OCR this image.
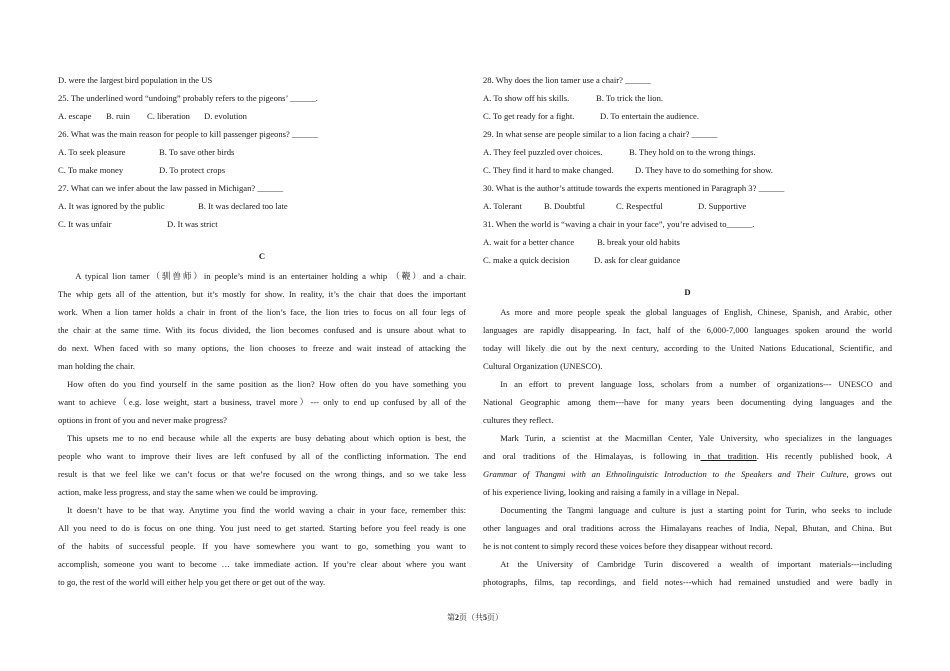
D. were the largest bird population in the US
25. The underlined word “undoing” probably refers to the pigeons’ ______.
A. escape B. ruin C. liberation D. evolution
26. What was the main reason for people to kill passenger pigeons? ______
A. To seek pleasure	B. To save other birds
C. To make money	D. To protect crops
27. What can we infer about the law passed in Michigan? ______
A. It was ignored by the public	B. It was declared too late
C. It was unfair	D. It was strict
C
A typical lion tamer（驯兽师）in people’s mind is an entertainer holding a whip （鞭）and a chair.
The whip gets all of the attention, but it’s mostly for show. In reality, it’s the chair that does the important
work. When a lion tamer holds a chair in front of the lion’s face, the lion tries to focus on all four legs of
the chair at the same time. With its focus divided, the lion becomes confused and is unsure about what to
do next. When faced with so many options, the lion chooses to freeze and wait instead of attacking the
man holding the chair.
How often do you find yourself in the same position as the lion? How often do you have something you
want to achieve（e.g. lose weight, start a business, travel more）--- only to end up confused by all of the
options in front of you and never make progress?
This upsets me to no end because while all the experts are busy debating about which option is best, the
people who want to improve their lives are left confused by all of the conflicting information. The end
result is that we feel like we can’t focus or that we’re focused on the wrong things, and so we take less
action, make less progress, and stay the same when we could be improving.
It doesn’t have to be that way. Anytime you find the world waving a chair in your face, remember this:
All you need to do is focus on one thing. You just need to get started. Starting before you feel ready is one
of the habits of successful people. If you have somewhere you want to go, something you want to
accomplish, someone you want to become … take immediate action. If you’re clear about where you want
to go, the rest of the world will either help you get there or get out of the way.
28. Why does the lion tamer use a chair? ______
A. To show off his skills.	B. To trick the lion.
C. To get ready for a fight.	D. To entertain the audience.
29. In what sense are people similar to a lion facing a chair? ______
A. They feel puzzled over choices.	B. They hold on to the wrong things.
C. They find it hard to make changed.	D. They have to do something for show.
30. What is the author’s attitude towards the experts mentioned in Paragraph 3? ______
A. Tolerant	B. Doubtful	C. Respectful	D. Supportive
31. When the world is “waving a chair in your face”, you’re advised to______.
A. wait for a better chance	B. break your old habits
C. make a quick decision	D. ask for clear guidance
D
As more and more people speak the global languages of English, Chinese, Spanish, and Arabic, other
languages are rapidly disappearing. In fact, half of the 6,000-7,000 languages spoken around the world
today will likely die out by the next century, according to the United Nations Educational, Scientific, and
Cultural Organization (UNESCO).
In an effort to prevent language loss, scholars from a number of organizations--- UNESCO and
National Geographic among them---have for many years been documenting dying languages and the
cultures they reflect.
Mark Turin, a scientist at the Macmillan Center, Yale University, who specializes in the languages
and oral traditions of the Himalayas, is following in that tradition. His recently published book, A
Grammar of Thangmi with an Ethnolinguistic Introduction to the Speakers and Their Culture, grows out
of his experience living, looking and raising a family in a village in Nepal.
Documenting the Tangmi language and culture is just a starting point for Turin, who seeks to include
other languages and oral traditions across the Himalayans reaches of India, Nepal, Bhutan, and China. But
he is not content to simply record these voices before they disappear without record.
At the University of Cambridge Turin discovered a wealth of important materials---including
photographs, films, tap recordings, and field notes---which had remained unstudied and were badly in
第2页（共5页）
